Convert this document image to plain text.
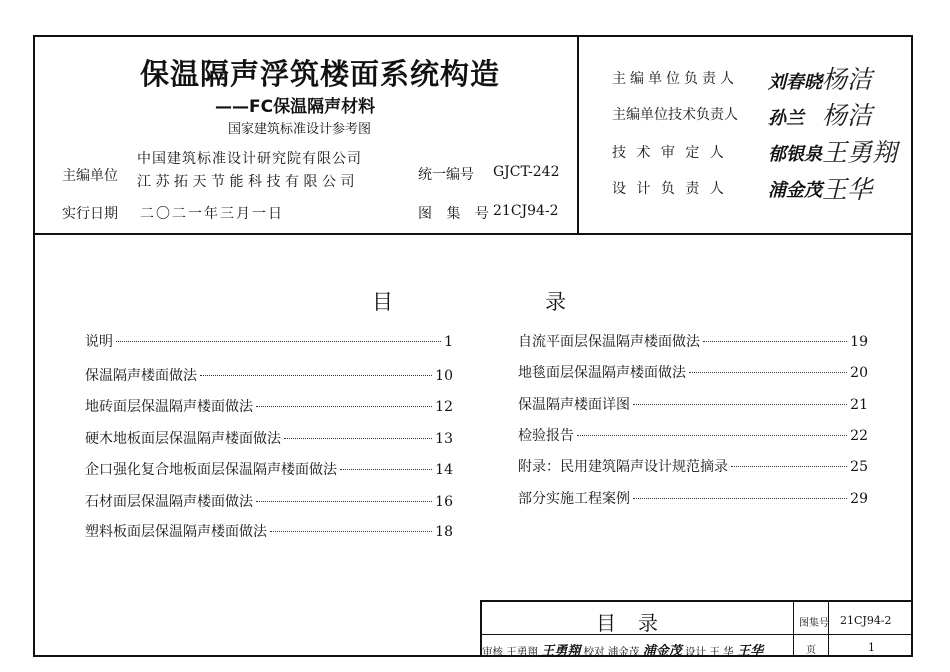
保温隔声浮筑楼面系统构造
——FC保温隔声材料
国家建筑标准设计参考图
主编单位
中国建筑标准设计研究院有限公司
江苏拓天节能科技有限公司
实行日期 二〇二一年三月一日
统一编号 GJCT-242
图 集 号 21CJ94-2
主编单位负责人 刘春晓 杨洁
主编单位技术负责人 孙兰 杨洁
技 术 审 定 人 郁银泉 王勇翔
设 计 负 责 人 浦金茂 王华
目	录
说明	1
保温隔声楼面做法	10
地砖面层保温隔声楼面做法	12
硬木地板面层保温隔声楼面做法	13
企口强化复合地板面层保温隔声楼面做法	14
石材面层保温隔声楼面做法	16
塑料板面层保温隔声楼面做法	18
自流平面层保温隔声楼面做法	19
地毯面层保温隔声楼面做法	20
保温隔声楼面详图	21
检验报告	22
附录：民用建筑隔声设计规范摘录	25
部分实施工程案例	29
目录	图集号 21CJ94-2
页	1
审核 王勇翔 王勇翔 校对 浦金茂 浦金茂 设计 王 华 王华
